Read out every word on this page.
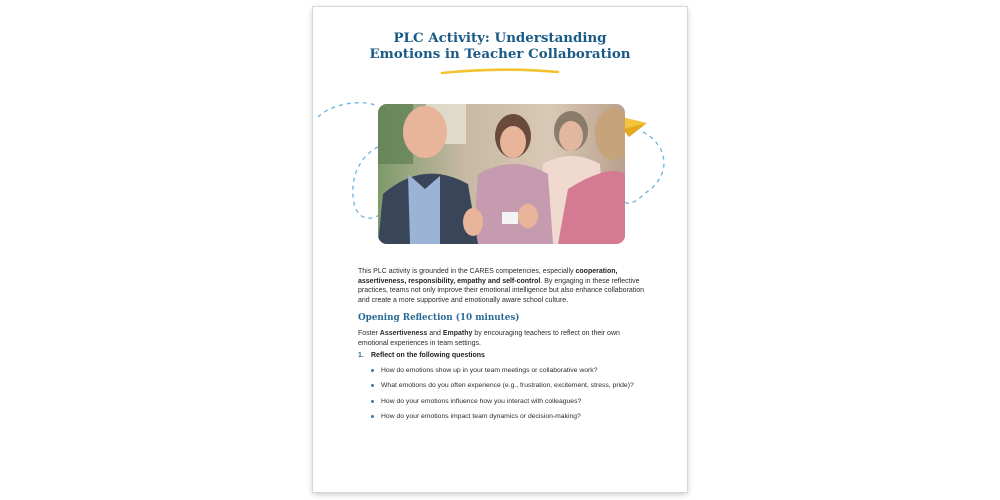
PLC Activity: Understanding
Emotions in Teacher Collaboration

This PLC activity is grounded in the CARES competencies, especially cooperation, assertiveness, responsibility, empathy and self-control. By engaging in these reflective practices, teams not only improve their emotional intelligence but also enhance collaboration and create a more supportive and emotionally aware school culture.

Opening Reflection (10 minutes)

Foster Assertiveness and Empathy by encouraging teachers to reflect on their own emotional experiences in team settings.

1. Reflect on the following questions

How do emotions show up in your team meetings or collaborative work?
What emotions do you often experience (e.g., frustration, excitement, stress, pride)?
How do your emotions influence how you interact with colleagues?
How do your emotions impact team dynamics or decision-making?
